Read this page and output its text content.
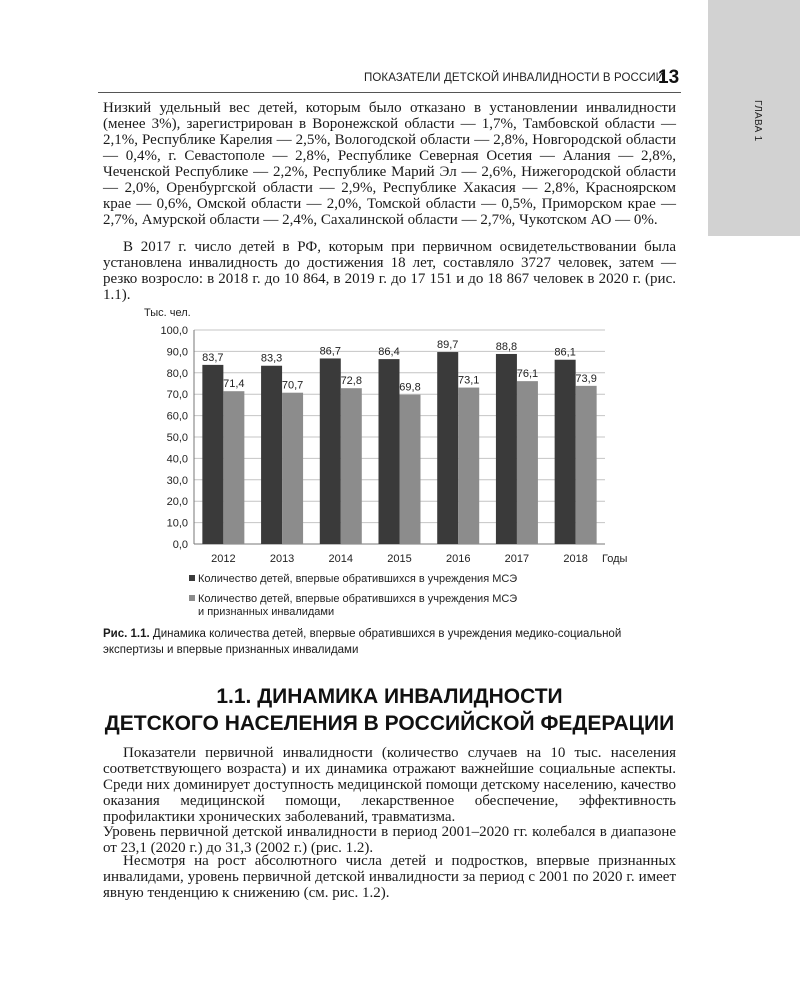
ГЛАВА 1
ПОКАЗАТЕЛИ ДЕТСКОЙ ИНВАЛИДНОСТИ В РОССИИ
13

Низкий удельный вес детей, которым было отказано в установлении инвалидности (менее 3%), зарегистрирован в Воронежской области — 1,7%, Тамбовской области — 2,1%, Республике Карелия — 2,5%, Вологодской области — 2,8%, Новгородской области — 0,4%, г. Севастополе — 2,8%, Республике Северная Осетия — Алания — 2,8%, Чеченской Республике — 2,2%, Республике Марий Эл — 2,6%, Нижегородской области — 2,0%, Оренбургской области — 2,9%, Республике Хакасия — 2,8%, Красноярском крае — 0,6%, Омской области — 2,0%, Томской области — 0,5%, Приморском крае — 2,7%, Амурской области — 2,4%, Сахалинской области — 2,7%, Чукотском АО — 0%.

В 2017 г. число детей в РФ, которым при первичном освидетельствовании была установлена инвалидность до достижения 18 лет, составляло 3727 человек, затем — резко возросло: в 2018 г. до 10 864, в 2019 г. до 17 151 и до 18 867 человек в 2020 г. (рис. 1.1).

0,0
10,0
20,0
30,0
40,0
50,0
60,0
70,0
80,0
90,0
100,0
2012	2013	2014	2015	2016	2017	2018
83,7
71,4
83,3
70,7
86,7
72,8
86,4
69,8
89,7
73,1
88,8
76,1
86,1
73,9
Тыс. чел.
Годы
Количество детей, впервые обратившихся в учреждения МСЭ
Количество детей, впервые обратившихся в учреждения МСЭ
и признанных инвалидами

Рис. 1.1. Динамика количества детей, впервые обратившихся в учреждения медико-социальной экспертизы и впервые признанных инвалидами

1.1. ДИНАМИКА ИНВАЛИДНОСТИ
ДЕТСКОГО НАСЕЛЕНИЯ В РОССИЙСКОЙ ФЕДЕРАЦИИ

Показатели первичной инвалидности (количество случаев на 10 тыс. населения соответствующего возраста) и их динамика отражают важнейшие социальные аспекты. Среди них доминирует доступность медицинской помощи детскому населению, качество оказания медицинской помощи, лекарственное обеспечение, эффективность профилактики хронических заболеваний, травматизма.

Уровень первичной детской инвалидности в период 2001–2020 гг. колебался в диапазоне от 23,1 (2020 г.) до 31,3 (2002 г.) (рис. 1.2).

Несмотря на рост абсолютного числа детей и подростков, впервые признанных инвалидами, уровень первичной детской инвалидности за период с 2001 по 2020 г. имеет явную тенденцию к снижению (см. рис. 1.2).
